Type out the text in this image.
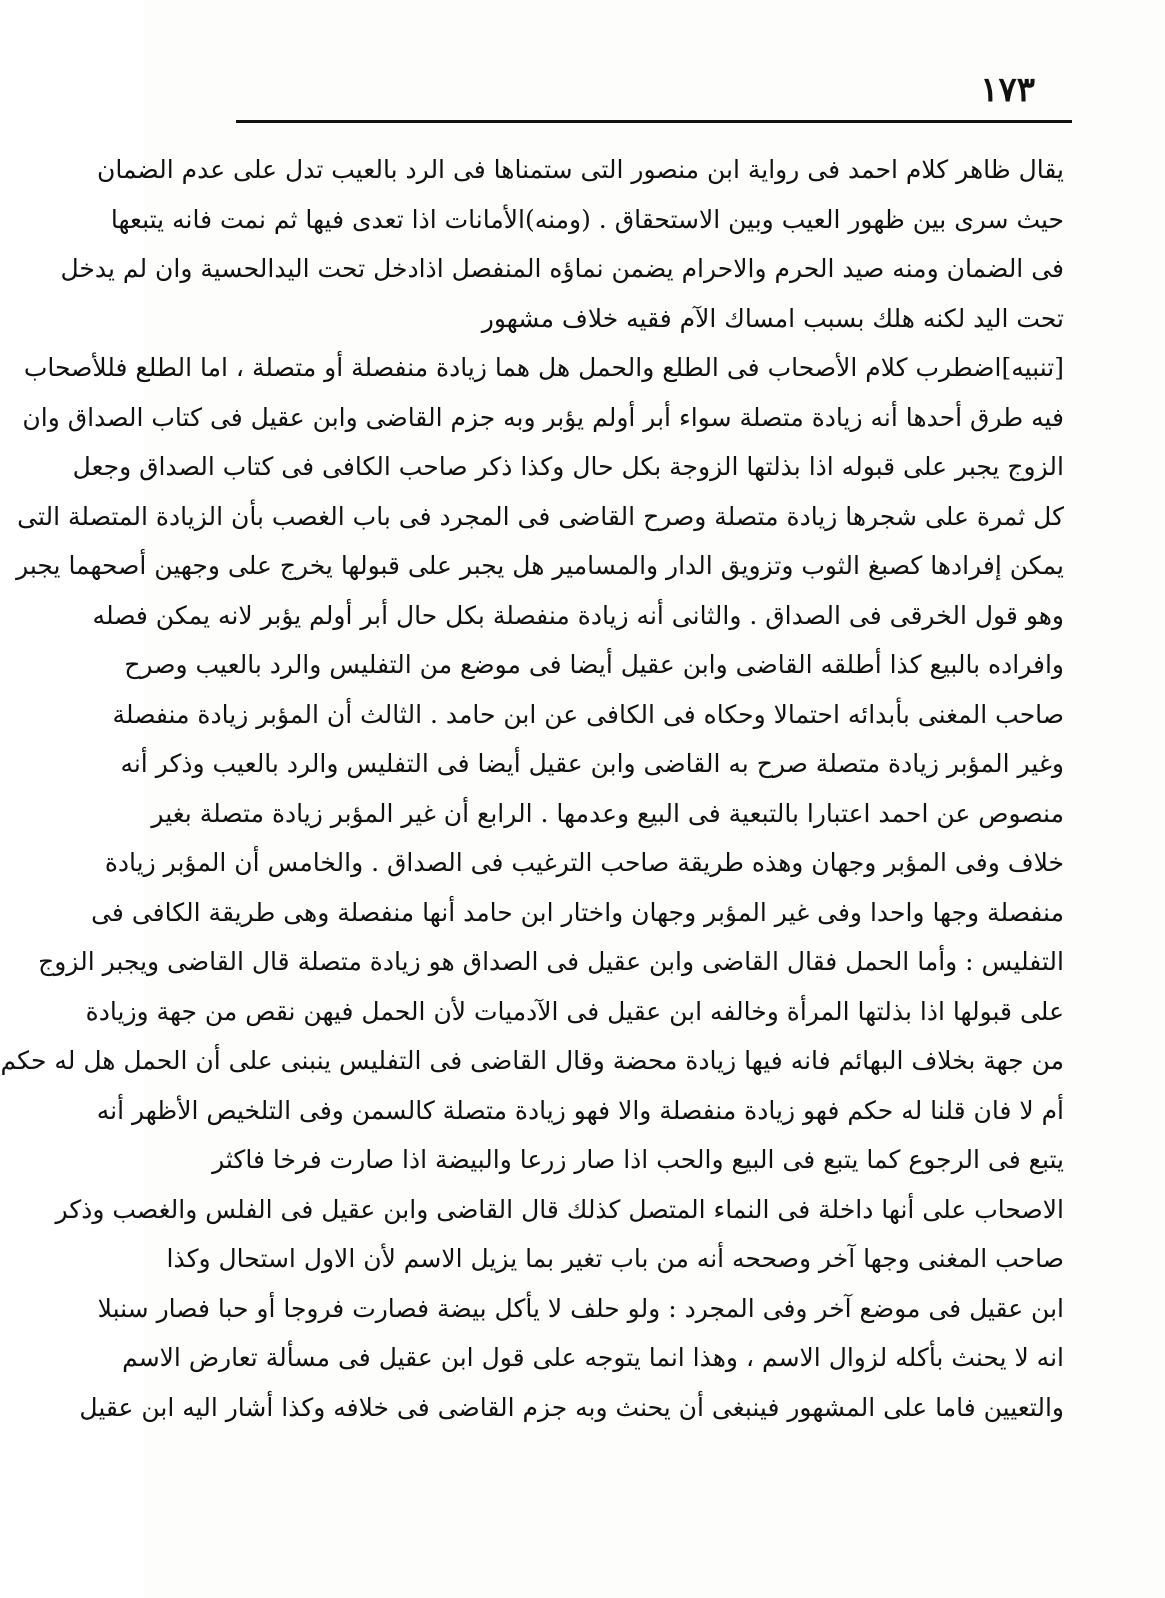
١٧٣
يقال ظاهر كلام احمد فى رواية ابن منصور التى ستمناها فى الرد بالعيب تدل على عدم الضمان
حيث سرى بين ظهور العيب وبين الاستحقاق . (ومنه)الأمانات اذا تعدى فيها ثم نمت فانه يتبعها
فى الضمان ومنه صيد الحرم والاحرام يضمن نماؤه المنفصل اذادخل تحت اليدالحسية وان لم يدخل
تحت اليد لكنه هلك بسبب امساك الآم فقيه خلاف مشهور
[تنبيه]اضطرب كلام الأصحاب فى الطلع والحمل هل هما زيادة منفصلة أو متصلة ، اما الطلع فللأصحاب
فيه طرق أحدها أنه زيادة متصلة سواء أبر أولم يؤبر وبه جزم القاضى وابن عقيل فى كتاب الصداق وان
الزوج يجبر على قبوله اذا بذلتها الزوجة بكل حال وكذا ذكر صاحب الكافى فى كتاب الصداق وجعل
كل ثمرة على شجرها زيادة متصلة وصرح القاضى فى المجرد فى باب الغصب بأن الزيادة المتصلة التى
يمكن إفرادها كصبغ الثوب وتزويق الدار والمسامير هل يجبر على قبولها يخرج على وجهين أصحهما يجبر
وهو قول الخرقى فى الصداق . والثانى أنه زيادة منفصلة بكل حال أبر أولم يؤبر لانه يمكن فصله
وافراده بالبيع كذا أطلقه القاضى وابن عقيل أيضا فى موضع من التفليس والرد بالعيب وصرح
صاحب المغنى بأبدائه احتمالا وحكاه فى الكافى عن ابن حامد . الثالث أن المؤبر زيادة منفصلة
وغير المؤبر زيادة متصلة صرح به القاضى وابن عقيل أيضا فى التفليس والرد بالعيب وذكر أنه
منصوص عن احمد اعتبارا بالتبعية فى البيع وعدمها . الرابع أن غير المؤبر زيادة متصلة بغير
خلاف وفى المؤبر وجهان وهذه طريقة صاحب الترغيب فى الصداق . والخامس أن المؤبر زيادة
منفصلة وجها واحدا وفى غير المؤبر وجهان واختار ابن حامد أنها منفصلة وهى طريقة الكافى فى
التفليس : وأما الحمل فقال القاضى وابن عقيل فى الصداق هو زيادة متصلة قال القاضى ويجبر الزوج
على قبولها اذا بذلتها المرأة وخالفه ابن عقيل فى الآدميات لأن الحمل فيهن نقص من جهة وزيادة
من جهة بخلاف البهائم فانه فيها زيادة محضة وقال القاضى فى التفليس ينبنى على أن الحمل هل له حكم
أم لا فان قلنا له حكم فهو زيادة منفصلة والا فهو زيادة متصلة كالسمن وفى التلخيص الأظهر أنه
يتبع فى الرجوع كما يتبع فى البيع والحب اذا صار زرعا والبيضة اذا صارت فرخا فاكثر
الاصحاب على أنها داخلة فى النماء المتصل كذلك قال القاضى وابن عقيل فى الفلس والغصب وذكر
صاحب المغنى وجها آخر وصححه أنه من باب تغير بما يزيل الاسم لأن الاول استحال وكذا
ابن عقيل فى موضع آخر وفى المجرد : ولو حلف لا يأكل بيضة فصارت فروجا أو حبا فصار سنبلا
انه لا يحنث بأكله لزوال الاسم ، وهذا انما يتوجه على قول ابن عقيل فى مسألة تعارض الاسم
والتعيين فاما على المشهور فينبغى أن يحنث وبه جزم القاضى فى خلافه وكذا أشار اليه ابن عقيل
